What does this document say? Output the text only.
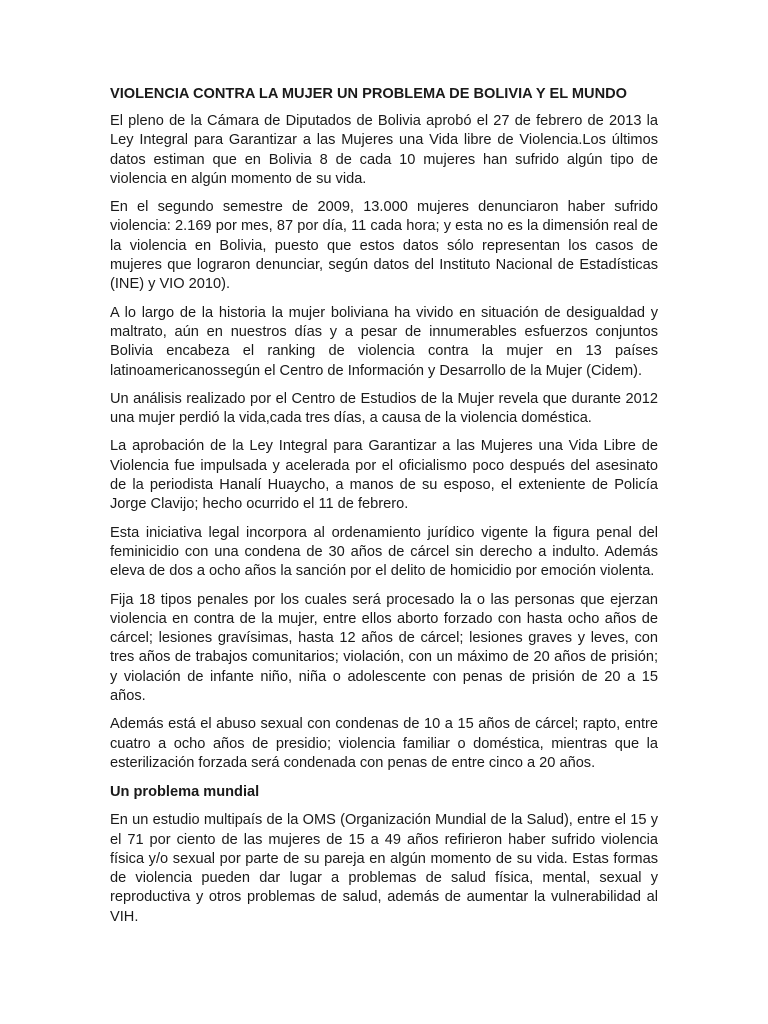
VIOLENCIA CONTRA LA MUJER UN PROBLEMA DE BOLIVIA Y EL MUNDO

El pleno de la Cámara de Diputados de Bolivia aprobó el 27 de febrero de 2013 la Ley Integral para Garantizar a las Mujeres una Vida libre de Violencia.Los últimos datos estiman que en Bolivia 8 de cada 10 mujeres han sufrido algún tipo de violencia en algún momento de su vida.

En el segundo semestre de 2009, 13.000 mujeres denunciaron haber sufrido violencia: 2.169 por mes, 87 por día, 11 cada hora; y esta no es la dimensión real de la violencia en Bolivia, puesto que estos datos sólo representan los casos de mujeres que lograron denunciar, según datos del Instituto Nacional de Estadísticas (INE) y VIO 2010).

A lo largo de la historia la mujer boliviana ha vivido en situación de desigualdad y maltrato, aún en nuestros días y a pesar de innumerables esfuerzos conjuntos Bolivia encabeza el ranking de violencia contra la mujer en 13 países latinoamericanossegún el Centro de Información y Desarrollo de la Mujer (Cidem).

Un análisis realizado por el Centro de Estudios de la Mujer revela que durante 2012 una mujer perdió la vida,cada tres días, a causa de la violencia doméstica.

La aprobación de la Ley Integral para Garantizar a las Mujeres una Vida Libre de Violencia fue impulsada y acelerada por el oficialismo poco después del asesinato de la periodista Hanalí Huaycho, a manos de su esposo, el exteniente de Policía Jorge Clavijo; hecho ocurrido el 11 de febrero.

Esta iniciativa legal incorpora al ordenamiento jurídico vigente la figura penal del feminicidio con una condena de 30 años de cárcel sin derecho a indulto. Además eleva de dos a ocho años la sanción por el delito de homicidio por emoción violenta.

Fija 18 tipos penales por los cuales será procesado la o las personas que ejerzan violencia en contra de la mujer, entre ellos aborto forzado con hasta ocho años de cárcel; lesiones gravísimas, hasta 12 años de cárcel; lesiones graves y leves, con tres años de trabajos comunitarios; violación, con un máximo de 20 años de prisión; y violación de infante niño, niña o adolescente con penas de prisión de 20 a 15 años.

Además está el abuso sexual con condenas de 10 a 15 años de cárcel; rapto, entre cuatro a ocho años de presidio; violencia familiar o doméstica, mientras que la esterilización forzada será condenada con penas de entre cinco a 20 años.

Un problema mundial

En un estudio multipaís de la OMS (Organización Mundial de la Salud), entre el 15 y el 71 por ciento de las mujeres de 15 a 49 años refirieron haber sufrido violencia física y/o sexual por parte de su pareja en algún momento de su vida. Estas formas de violencia pueden dar lugar a problemas de salud física, mental, sexual y reproductiva y otros problemas de salud, además de aumentar la vulnerabilidad al VIH.
